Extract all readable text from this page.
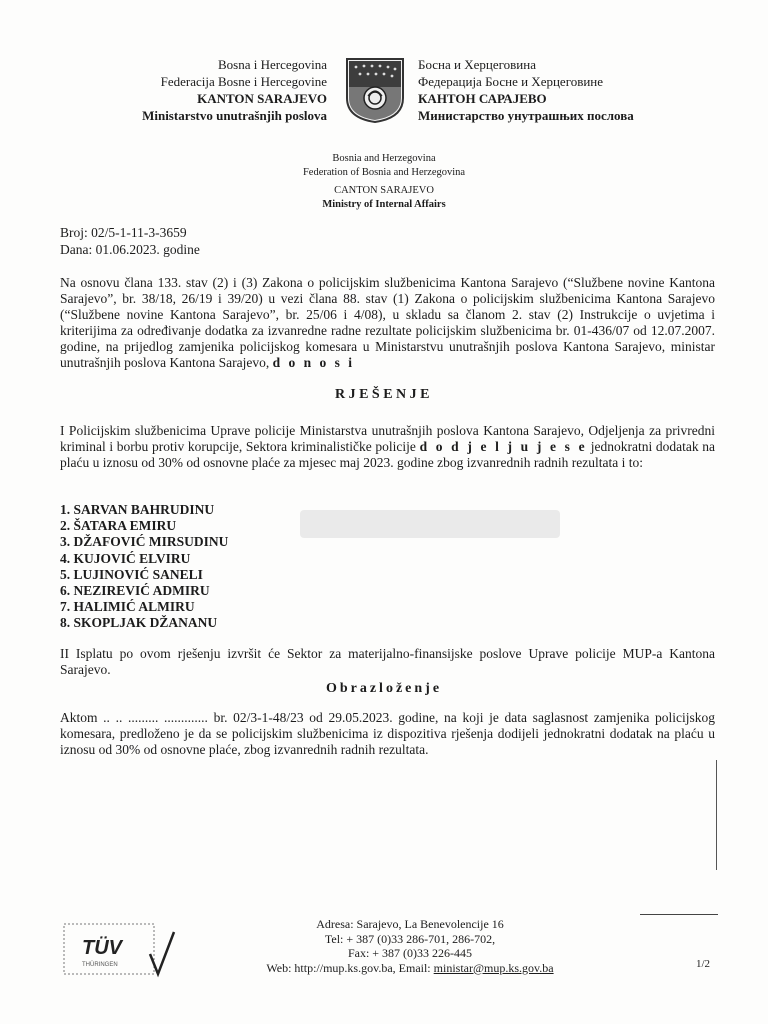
Bosna i Hercegovina
Federacija Bosne i Hercegovine
KANTON SARAJEVO
Ministarstvo unutrašnjih poslova
Босна и Херцеговина
Федерација Босне и Херцеговине
КАНТОН САРАЈЕВО
Министарство унутрашњих послова
Bosnia and Herzegovina
Federation of Bosnia and Herzegovina
CANTON SARAJEVO
Ministry of Internal Affairs
Broj: 02/5-1-11-3-3659
Dana: 01.06.2023. godine
Na osnovu člana 133. stav (2) i (3) Zakona o policijskim službenicima Kantona Sarajevo (“Službene novine Kantona Sarajevo”, br. 38/18, 26/19 i 39/20) u vezi člana 88. stav (1) Zakona o policijskim službenicima Kantona Sarajevo (“Službene novine Kantona Sarajevo”, br. 25/06 i 4/08), u skladu sa članom 2. stav (2) Instrukcije o uvjetima i kriterijima za određivanje dodatka za izvanredne radne rezultate policijskim službenicima br. 01-436/07 od 12.07.2007. godine, na prijedlog zamjenika policijskog komesara u Ministarstvu unutrašnjih poslova Kantona Sarajevo, ministar unutrašnjih poslova Kantona Sarajevo, d o n o s i
RJEŠENJE
I Policijskim službenicima Uprave policije Ministarstva unutrašnjih poslova Kantona Sarajevo, Odjeljenja za privredni kriminal i borbu protiv korupcije, Sektora kriminalističke policije d o d j e l j u j e s e jednokratni dodatak na plaću u iznosu od 30% od osnovne plaće za mjesec maj 2023. godine zbog izvanrednih radnih rezultata i to:
1. SARVAN BAHRUDINU
2. ŠATARA EMIRU
3. DŽAFOVIĆ MIRSUDINU
4. KUJOVIĆ ELVIRU
5. LUJINOVIĆ SANELI
6. NEZIREVIĆ ADMIRU
7. HALIMIĆ ALMIRU
8. SKOPLJAK DŽANANU
II Isplatu po ovom rješenju izvršit će Sektor za materijalno-finansijske poslove Uprave policije MUP-a Kantona Sarajevo.
Obrazloženje
Aktom .. .. ......... ............. br. 02/3-1-48/23 od 29.05.2023. godine, na koji je data saglasnost zamjenika policijskog komesara, predloženo je da se policijskim službenicima iz dispozitiva rješenja dodijeli jednokratni dodatak na plaću u iznosu od 30% od osnovne plaće, zbog izvanrednih radnih rezultata.
TÜV
THÜRINGEN
Adresa: Sarajevo, La Benevolencije 16
Tel: + 387 (0)33 286-701, 286-702,
Fax: + 387 (0)33 226-445
Web: http://mup.ks.gov.ba, Email: ministar@mup.ks.gov.ba	1/2
